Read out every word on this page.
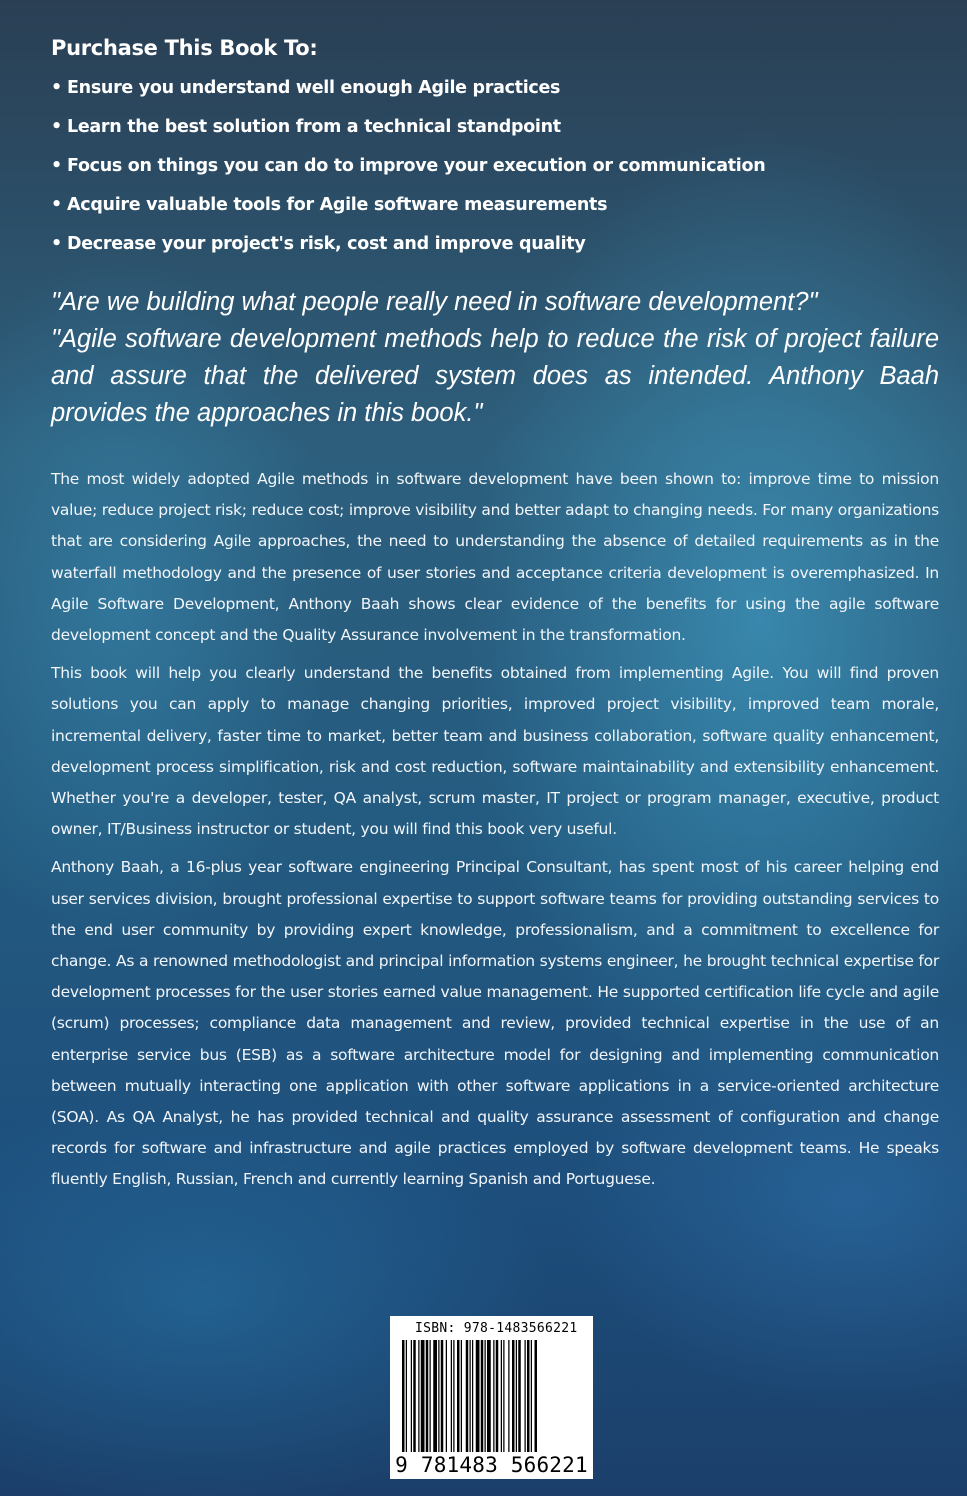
Purchase This Book To:
• Ensure you understand well enough Agile practices
• Learn the best solution from a technical standpoint
• Focus on things you can do to improve your execution or communication
• Acquire valuable tools for Agile software measurements
• Decrease your project's risk, cost and improve quality

"Are we building what people really need in software development?"

"Agile software development methods help to reduce the risk of project failure and assure that the delivered system does as intended. Anthony Baah provides the approaches in this book."

The most widely adopted Agile methods in software development have been shown to: improve time to mission value; reduce project risk; reduce cost; improve visibility and better adapt to changing needs. For many organizations that are considering Agile approaches, the need to understanding the absence of detailed requirements as in the waterfall methodology and the presence of user stories and acceptance criteria development is overemphasized. In Agile Software Development, Anthony Baah shows clear evidence of the benefits for using the agile software development concept and the Quality Assurance involvement in the transformation.

This book will help you clearly understand the benefits obtained from implementing Agile. You will find proven solutions you can apply to manage changing priorities, improved project visibility, improved team morale, incremental delivery, faster time to market, better team and business collaboration, software quality enhancement, development process simplification, risk and cost reduction, software maintainability and extensibility enhancement. Whether you're a developer, tester, QA analyst, scrum master, IT project or program manager, executive, product owner, IT/Business instructor or student, you will find this book very useful.

Anthony Baah, a 16-plus year software engineering Principal Consultant, has spent most of his career helping end user services division, brought professional expertise to support software teams for providing outstanding services to the end user community by providing expert knowledge, professionalism, and a commitment to excellence for change. As a renowned methodologist and principal information systems engineer, he brought technical expertise for development processes for the user stories earned value management. He supported certification life cycle and agile (scrum) processes; compliance data management and review, provided technical expertise in the use of an enterprise service bus (ESB) as a software architecture model for designing and implementing communication between mutually interacting one application with other software applications in a service-oriented architecture (SOA). As QA Analyst, he has provided technical and quality assurance assessment of configuration and change records for software and infrastructure and agile practices employed by software development teams. He speaks fluently English, Russian, French and currently learning Spanish and Portuguese.

ISBN: 978-1483566221
9 781483 566221
